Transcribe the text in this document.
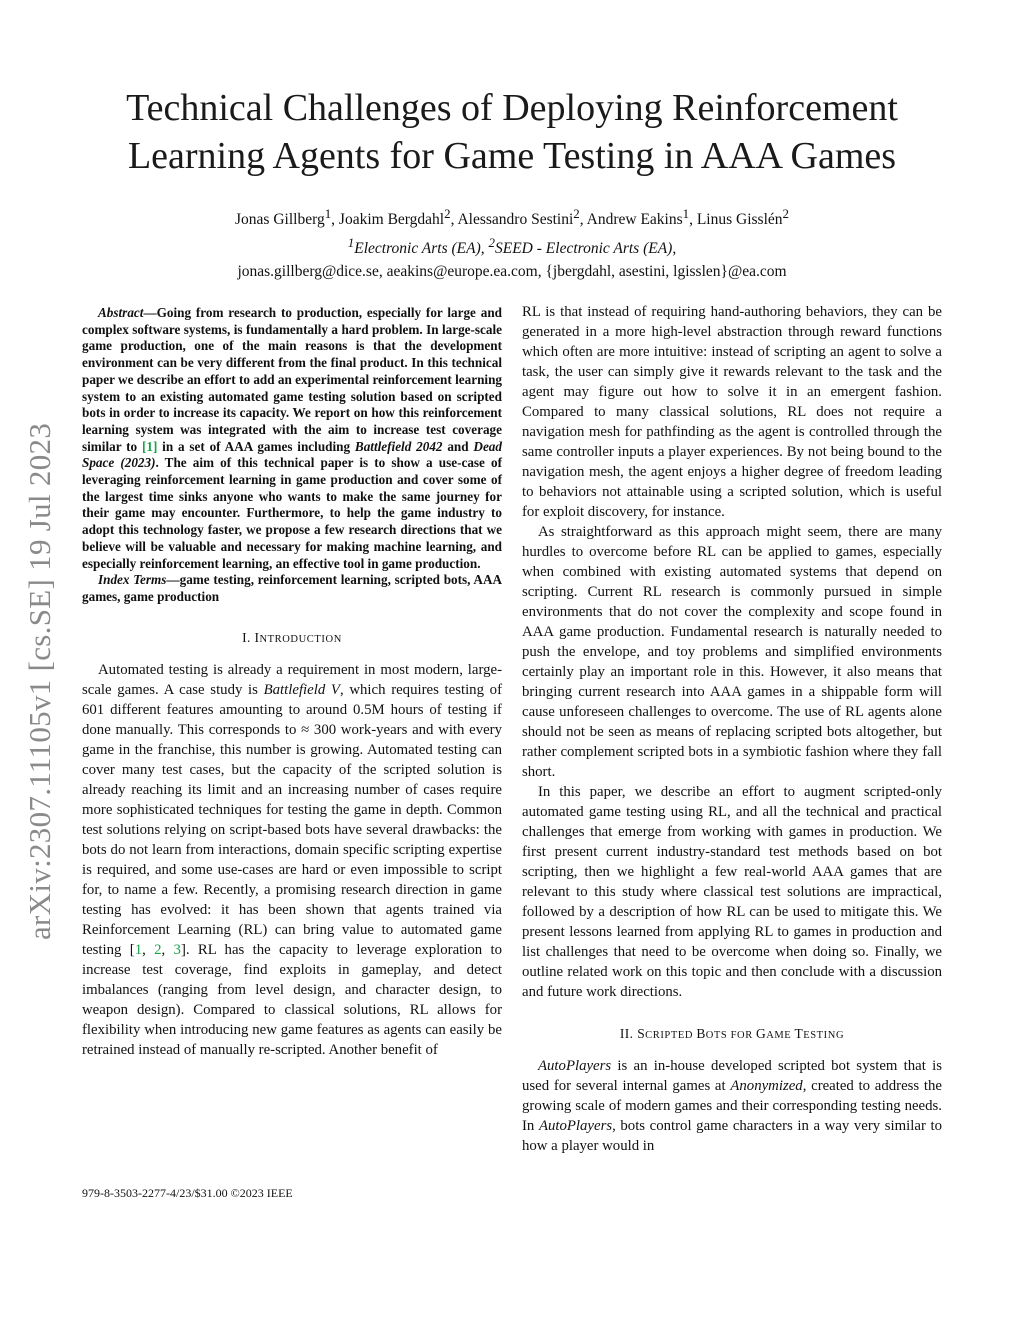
Technical Challenges of Deploying Reinforcement
Learning Agents for Game Testing in AAA Games
Jonas Gillberg$^1$, Joakim Bergdahl$^2$, Alessandro Sestini$^2$, Andrew Eakins$^1$, Linus Gisslén$^2$
$^1$Electronic Arts (EA), $^2$SEED - Electronic Arts (EA),
jonas.gillberg@dice.se, aeakins@europe.ea.com, {jbergdahl, asestini, lgisslen}@ea.com
arXiv:2307.11105v1 [cs.SE] 19 Jul 2023

Abstract—Going from research to production, especially for large and complex software systems, is fundamentally a hard problem. In large-scale game production, one of the main reasons is that the development environment can be very different from the final product. In this technical paper we describe an effort to add an experimental reinforcement learning system to an existing automated game testing solution based on scripted bots in order to increase its capacity. We report on how this reinforcement learning system was integrated with the aim to increase test coverage similar to [1] in a set of AAA games including Battlefield 2042 and Dead Space (2023). The aim of this technical paper is to show a use-case of leveraging reinforcement learning in game production and cover some of the largest time sinks anyone who wants to make the same journey for their game may encounter. Furthermore, to help the game industry to adopt this technology faster, we propose a few research directions that we believe will be valuable and necessary for making machine learning, and especially reinforcement learning, an effective tool in game production.

Index Terms—game testing, reinforcement learning, scripted bots, AAA games, game production

I. INTRODUCTION

Automated testing is already a requirement in most modern, large-scale games. A case study is Battlefield V, which requires testing of 601 different features amounting to around 0.5M hours of testing if done manually. This corresponds to ≈ 300 work-years and with every game in the franchise, this number is growing. Automated testing can cover many test cases, but the capacity of the scripted solution is already reaching its limit and an increasing number of cases require more sophisticated techniques for testing the game in depth. Common test solutions relying on script-based bots have several drawbacks: the bots do not learn from interactions, domain specific scripting expertise is required, and some use-cases are hard or even impossible to script for, to name a few. Recently, a promising research direction in game testing has evolved: it has been shown that agents trained via Reinforcement Learning (RL) can bring value to automated game testing [1, 2, 3]. RL has the capacity to leverage exploration to increase test coverage, find exploits in gameplay, and detect imbalances (ranging from level design, and character design, to weapon design). Compared to classical solutions, RL allows for flexibility when introducing new game features as agents can easily be retrained instead of manually re-scripted. Another benefit of

979-8-3503-2277-4/23/$31.00 ©2023 IEEE

RL is that instead of requiring hand-authoring behaviors, they can be generated in a more high-level abstraction through reward functions which often are more intuitive: instead of scripting an agent to solve a task, the user can simply give it rewards relevant to the task and the agent may figure out how to solve it in an emergent fashion. Compared to many classical solutions, RL does not require a navigation mesh for pathfinding as the agent is controlled through the same controller inputs a player experiences. By not being bound to the navigation mesh, the agent enjoys a higher degree of freedom leading to behaviors not attainable using a scripted solution, which is useful for exploit discovery, for instance.

As straightforward as this approach might seem, there are many hurdles to overcome before RL can be applied to games, especially when combined with existing automated systems that depend on scripting. Current RL research is commonly pursued in simple environments that do not cover the complexity and scope found in AAA game production. Fundamental research is naturally needed to push the envelope, and toy problems and simplified environments certainly play an important role in this. However, it also means that bringing current research into AAA games in a shippable form will cause unforeseen challenges to overcome. The use of RL agents alone should not be seen as means of replacing scripted bots altogether, but rather complement scripted bots in a symbiotic fashion where they fall short.

In this paper, we describe an effort to augment scripted-only automated game testing using RL, and all the technical and practical challenges that emerge from working with games in production. We first present current industry-standard test methods based on bot scripting, then we highlight a few real-world AAA games that are relevant to this study where classical test solutions are impractical, followed by a description of how RL can be used to mitigate this. We present lessons learned from applying RL to games in production and list challenges that need to be overcome when doing so. Finally, we outline related work on this topic and then conclude with a discussion and future work directions.

II. SCRIPTED BOTS FOR GAME TESTING

AutoPlayers is an in-house developed scripted bot system that is used for several internal games at Anonymized, created to address the growing scale of modern games and their corresponding testing needs. In AutoPlayers, bots control game characters in a way very similar to how a player would in
